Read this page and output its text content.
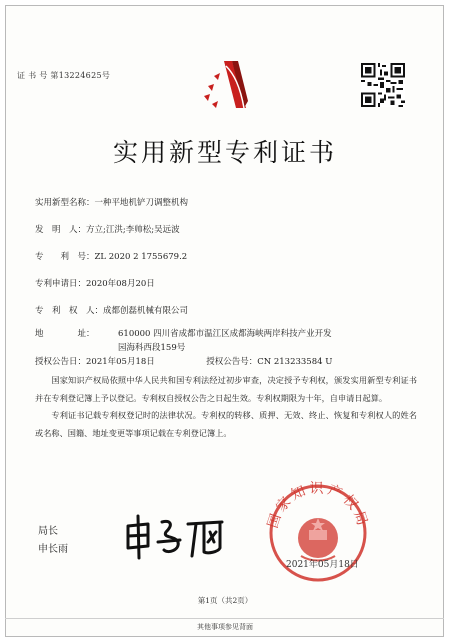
证 书 号 第13224625号
实用新型专利证书
实用新型名称：一种平地机铲刀调整机构
发　明　人：方立;江洪;李帅松;吴远波
专　　利　号：ZL 2020 2 1755679.2
专利申请日：2020年08月20日
专　利　权　人：成都创磊机械有限公司
地　　　　址：	610000 四川省成都市温江区成都海峡两岸科技产业开发
园海科西段159号
授权公告日：2021年05月18日	授权公告号：CN 213233584 U
国家知识产权局依照中华人民共和国专利法经过初步审查，决定授予专利权，颁发实用新型专利证书并在专利登记簿上予以登记。专利权自授权公告之日起生效。专利权期限为十年，自申请日起算。
专利证书记载专利权登记时的法律状况。专利权的转移、质押、无效、终止、恢复和专利权人的姓名或名称、国籍、地址变更等事项记载在专利登记簿上。
局长
申长雨
国家知识产权局
2021年05月18日
第1页（共2页）
其他事项参见背面
